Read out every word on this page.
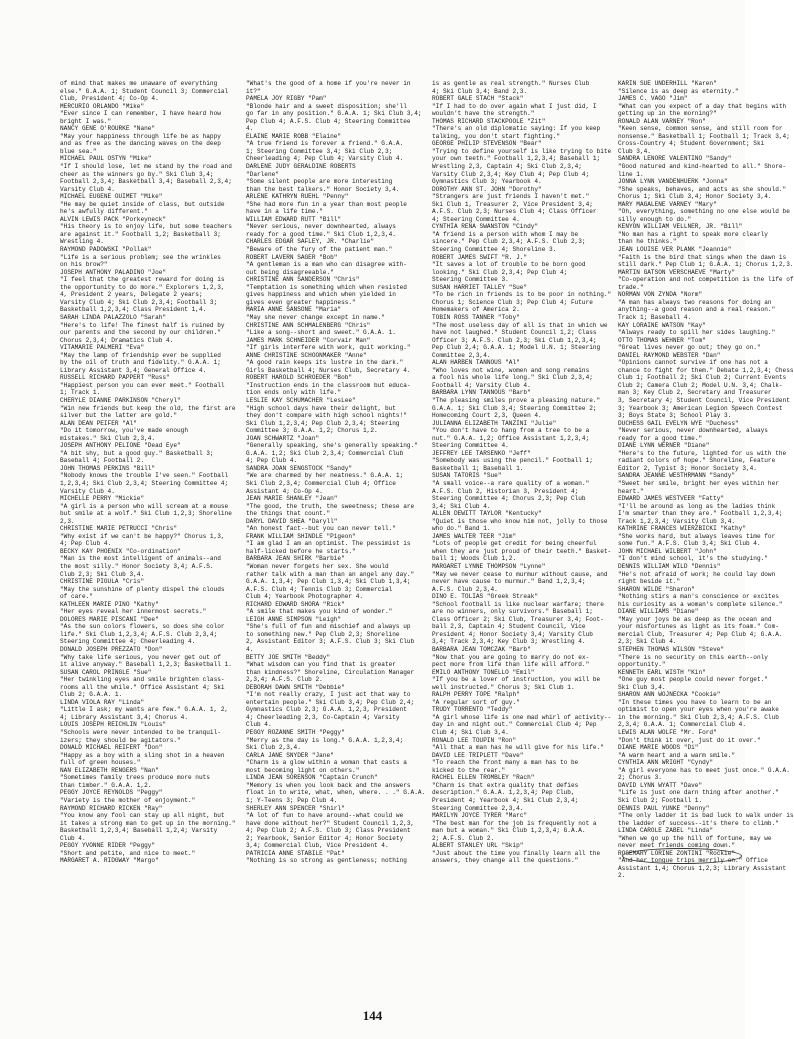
of mind that makes me unaware of everything
else." G.A.A. 1; Student Council 3; Commercial
Club, President 4; Co-Op 4.
MERCURIO ORLANDO "Mike"
"Ever since I can remember, I have heard how
bright I was."
NANCY GENE O'ROURKE "Nane"
"May your happiness through life be as happy
and as free as the dancing waves on the deep
blue sea."
MICHAEL PAUL OSTYN "Mike"
"If I should lose, let me stand by the road and
cheer as the winners go by." Ski Club 3,4;
Football 2,3,4; Basketball 3,4; Baseball 2,3,4;
Varsity Club 4.
MICHAEL EUGENE OUIMET "Mike"
"He may be quiet inside of class, but outside
he's awfully different."
ALVIN LEWIS PACK "Porkeyneck"
"His theory is to enjoy life, but some teachers
are against it." Football 1,2; Basketball 3;
Wrestling 4.
RAYMOND PADOWSKI "Pollak"
"Life is a serious problem; see the wrinkles
on his brow?"
JOSEPH ANTHONY PALADINO "Joe"
"I feel that the greatest reward for doing is
the opportunity to do more." Explorers 1,2,3,
4, President 2 years, Delegate 2 years;
Varsity Club 4; Ski Club 2,3,4; Football 3;
Basketball 1,2,3,4; Class President 1,4.
SARAH LINDA PALAZZOLO "Sarah"
"Here's to life! The finest half is ruined by
our parents and the second by our children."
Chorus 2,3,4; Dramatics Club 4.
VITAMARIE PALMERI "Eva"
"May the lamp of friendship ever be supplied
by the oil of truth and fidelity." G.A.A. 1;
Library Assistant 3,4; General Office 4.
RUSSELL RICHARD PAPPERT "Russ"
"Happiest person you can ever meet." Football
1; Track 1.
CHERYLE DIANNE PARKINSON "Cheryl"
"Win new friends but keep the old, the first are
silver but the latter are gold."
ALAN DEAN PEIFER "Al"
"Do it tomorrow, you've made enough
mistakes." Ski Club 2,3,4.
JOSEPH ANTHONY PELIONE "Dead Eye"
"A bit shy, but a good guy." Basketball 3;
Baseball 4; Football 2.
JOHN THOMAS PERKINS "Bill"
"Nobody knows the trouble I've seen." Football
1,2,3,4; Ski Club 2,3,4; Steering Committee 4;
Varsity Club 4.
MICHELLE PERRY "Mickie"
"A girl is a person who will scream at a mouse
but smile at a wolf." Ski Club 1,2,3; Shoreline
2,3.
CHRISTINE MARIE PETRUCCI "Chris"
"Why exist if we can't be happy?" Chorus 1,3,
4; Pep Club 4.
BECKY KAY PHOENIX "Co-ordination"
"Man is the most intelligent of animals--and
the most silly." Honor Society 3,4; A.F.S.
Club 2,3; Ski Club 3,4.
CHRISTINE PIGULA "Cris"
"May the sunshine of plenty dispel the clouds
of care."
KATHLEEN MARIE PINO "Kathy"
"Her eyes reveal her innermost secrets."
DOLORES MARIE PISCANI "Dee"
"As the sun colors flowers, so does she color
life." Ski Club 1,2,3,4; A.F.S. Club 2,3,4;
Steering Committee 4; Cheerleading 4.
DONALD JOSEPH PREZZATO "Don"
"Why take life serious, you never get out of
it alive anyway." Baseball 1,2,3; Basketball 1.
SUSAN CAROL PRINGLE "Sue"
"Her twinkling eyes and smile brighten class-
rooms all the while." Office Assistant 4; Ski
Club 2; G.A.A. 1.
LINDA VIOLA RAY "Linda"
"Little I ask; my wants are few." G.A.A. 1, 2,
4; Library Assistant 3,4; Chorus 4.
LOUIS JOSEPH REICHLIN "Louis"
"Schools were never intended to be tranquil-
izers; they should be agitators."
DONALD MICHAEL REIFERT "Don"
"Happy as a boy with a sling shot in a heaven
full of green houses."
NAN ELIZABETH RENGERS "Nan"
"Sometimes family trees produce more nuts
than timber." G.A.A. 1,2.
PEGGY JOYCE REYNOLDS "Peggy"
"Variety is the mother of enjoyment."
RAYMOND RICHARD RICKEN "Ray"
"You know any fool can stay up all night, but
it takes a strong man to get up in the morning."
Basketball 1,2,3,4; Baseball 1,2,4; Varsity
Club 4.
PEGGY YVONNE RIDER "Peggy"
"Short and petite, and nice to meet."
MARGARET A. RIDGWAY "Margo"
"What's the good of a home if you're never in
it?"
PAMELA JOY RIGBY "Pam"
"Blonde hair and a sweet disposition; she'll
go far in any position." G.A.A. 1; Ski Club 3,4;
Pep Club 4; A.F.S. Club 4; Steering Committee
4.
ELAINE MARIE ROBB "Elaine"
"A true friend is forever a friend." G.A.A.
1; Steering Committee 3,4; Ski Club 2,3;
Cheerleading 4; Pep Club 4; Varsity Club 4.
DARLENE JUDY GERALDINE ROBERTS
"Darlene"
"Some silent people are more interesting
than the best talkers." Honor Society 3,4.
ARLENE KATHRYN RUEHL "Penny"
"She had more fun in a year than most people
have in a life time."
WILLIAM EDWARD RUTT "Bill"
"Never serious, never downhearted, always
ready for a good time." Ski Club 1,2,3,4.
CHARLES EDGAR SAFLEY, JR. "Charlie"
"Beware of the fury of the patient man."
ROBERT LAVERN SAGER "Bob"
"A gentleman is a man who can disagree with-
out being disagreeable."
CHRISTINE ANN SANDERSON "Chris"
"Temptation is something which when resisted
gives happiness and which when yielded in
gives even greater happiness."
MARIA ANNE SANSONE "Maria"
"May she never change except in name."
CHRISTINE ANN SCHMALENBERG "Chris"
"Like a song--short and sweet." G.A.A. 1.
JAMES MARK SCHNEIDER "Corvair Man"
"If girls interfere with work, quit working."
ANNE CHRISTINE SCHOONMAKER "Anne"
"A good rain keeps its lustre in the dark."
Girls Basketball 4; Nurses Club, Secretary 4.
ROBERT HAROLD SCHROEDER "Bob"
"Instruction ends in the classroom but educa-
tion ends only with life."
LESLIE KAY SCHUMACHER "LesLee"
"High school days have their delight, but
they don't compare with high school nights!"
Ski Club 1,2,3,4; Pep Club 2,3,4; Steering
Committee 3; G.A.A. 1,2; Chorus 1,2.
JOAN SCHWARTZ "Joan"
"Generally speaking, she's generally speaking."
G.A.A. 1,2; Ski Club 2,3,4; Commercial Club
4; Pep Club 4.
SANDRA JOAN SENGSTOCK "Sandy"
"We are charmed by her neatness." G.A.A. 1;
Ski Club 2,3,4; Commercial Club 4; Office
Assistant 4; Co-Op 4.
JEAN MARIE SHANLEY "Jean"
"The good, the truth, the sweetness; these are
the things that count."
DARYL DAVID SHEA "Daryll"
"An honest fact--but you can never tell."
FRANK WILLIAM SHINDLE "Pigeon"
"I am glad I am an optimist. The pessimist is
half-licked before he starts."
BARBARA JEAN SHIRK "Barbie"
"Woman never forgets her sex. She would
rather talk with a man than an angel any day."
G.A.A. 1,3,4; Pep Club 1,3,4; Ski Club 1,3,4;
A.F.S. Club 4; Tennis Club 3; Commercial
Club 4; Yearbook Photographer 4.
RICHARD EDWARD SHORA "Rick"
"A smile that makes you kind of wonder."
LEIGH ANNE SIMPSON "Leigh"
"She's full of fun and mischief and always up
to something new." Pep Club 2,3; Shoreline
2, Assistant Editor 3; A.F.S. Club 3; Ski Club
4.
BETTY JOE SMITH "Beddy"
"What wisdom can you find that is greater
than kindness?" Shoreline, Circulation Manager
2,3,4; A.F.S. Club 2.
DEBORAH DAWN SMITH "Debbie"
"I'm not really crazy, I just act that way to
entertain people." Ski Club 3,4; Pep Club 2,4;
Gymnastics Club 2,3; G.A.A. 1,2,3, President
4; Cheerleading 2,3, Co-Captain 4; Varsity
Club 4.
PEGGY ROZANNE SMITH "Peggy"
"Merry as the day is long." G.A.A. 1,2,3,4;
Ski Club 2,3,4.
CARLA JANE SNYDER "Jane"
"Charm is a glow within a woman that casts a
most becoming light on others."
LINDA JEAN SORENSON "Captain Crunch"
"Memory is when you look back and the answers
float in to write, what, when, where. . ." G.A.A.
1; Y-Teens 3; Pep Club 4.
SHERLEY ANN SPENCER "Shirl"
"A lot of fun to have around--what could we
have done without her?" Student Council 1,2,3,
4; Pep Club 2; A.F.S. Club 3; Class President
2; Yearbook, Senior Editor 4; Honor Society
3,4; Commercial Club, Vice President 4.
PATRICIA ANNE STABILE "Pat"
"Nothing is so strong as gentleness; nothing
is as gentle as real strength." Nurses Club
4; Ski Club 3,4; Band 2,3.
ROBERT GALE STACH "Stack"
"If I had to do over again what I just did, I
wouldn't have the strength."
THOMAS RICHARD STACKPOOLE "Zit"
"There's an old diplomatic saying: If you keep
talking, you don't start fighting."
GEORGE PHILIP STEVENSON "Bear"
"Trying to define yourself is like trying to bite
your own teeth." Football 1,2,3,4; Baseball 1;
Wrestling 2,3, Captain 4; Ski Club 2,3,4;
Varsity Club 2,3,4; Key Club 4; Pep Club 4;
Gymnastics Club 3; Yearbook 4.
DOROTHY ANN ST. JOHN "Dorothy"
"Strangers are just friends I haven't met."
Ski Club 1, Treasurer 2, Vice President 3,4;
A.F.S. Club 2,3; Nurses Club 4; Class Officer
4; Steering Committee 4.
CYNTHIA RENA SWANSTON "Cindy"
"A friend is a person with whom I may be
sincere." Pep Club 2,3,4; A.F.S. Club 2,3;
Steering Committee 4; Shoreline 3.
ROBERT JAMES SWIFT "R. J."
"It saves a lot of trouble to be born good
looking." Ski Club 2,3,4; Pep Club 4;
Steering Committee 3.
SUSAN HARRIET TALLEY "Sue"
"To be rich in friends is to be poor in nothing."
Chorus 1; Science Club 3; Pep Club 4; Future
Homemakers of America 2.
TOBIN ROSS TANNER "Toby"
"The most useless day of all is that in which we
have not laughed." Student Council 1,2; Class
Officer 3; A.F.S. Club 2,3; Ski Club 1,2,3,4;
Pep Club 2,4; G.A.A. 1; Model U.N. 1; Steering
Committee 2,3,4.
ALAN HARBEN TANNOUS "Al"
"Who loves not wine, women and song remains
a fool his whole life long." Ski Club 2,3,4;
Football 4; Varsity Club 4.
BARBARA LYNN TANNOUS "Barb"
"The pleasing smiles prove a pleasing nature."
G.A.A. 1; Ski Club 3,4; Steering Committee 2;
Homecoming Court 2,3, Queen 4.
JULIANNA ELIZABETH TANZINI "Julie"
"You don't have to hang from a tree to be a
nut." G.A.A. 1,2; Office Assistant 1,2,3,4;
Steering Committee 4.
JEFFREY LEE TARSENKO "Jeff"
"Somebody was using the pencil." Football 1;
Basketball 1; Baseball 1.
SUSAN TATORIS "Sue"
"A small voice--a rare quality of a woman."
A.F.S. Club 2, Historian 3, President 4;
Steering Committee 4; Chorus 2,3; Pep Club
3,4; Ski Club 4.
ALLEN DEWITT TAYLOR "Kentucky"
"Quiet is those who know him not, jolly to those
who do." Band 1.
JAMES WALTER TEER "Jim"
"Lots of people get credit for being cheerful
when they are just proud of their teeth." Basket-
ball 1; Woods Club 1,2.
MARGARET LYNNE THOMPSON "Lynne"
"May we never cease to murmur without cause, and
never have cause to murmur." Band 1,2,3,4;
A.F.S. Club 2,3,4.
DINO E. TOLIAS "Greek Streak"
"School football is like nuclear warfare; there
are no winners, only survivors." Baseball 1;
Class Officer 2; Ski Club, Treasurer 3,4; Foot-
ball 2,3, Captain 4; Student Council, Vice
President 4; Honor Society 3,4; Varsity Club
3,4; Track 2,3,4; Key Club 3; Wrestling 4.
BARBARA JEAN TOMCZAK "Barb"
"Now that you are going to marry do not ex-
pect more from life than life will afford."
EMILO ANTHONY TONELLO "Emil"
"If you be a lover of instruction, you will be
well instructed." Chorus 3; Ski Club 1.
RALPH PERRY TOPE "Ralph"
"A regular sort of guy."
TRUDY TORRENTO "Teddy"
"A girl whose life is one mad whirl of activity--
day in and night out." Commercial Club 4; Pep
Club 4; Ski Club 3,4.
RONALD LEE TOUPIN "Ron"
"All that a man has he will give for his life."
DAVID LEE TRIPLETT "Dave"
"To reach the front many a man has to be
kicked to the rear."
RACHEL ELLEN TROMBLEY "Rach"
"Charm is that extra quality that defies
description." G.A.A. 1,2,3,4; Pep Club,
President 4; Yearbook 4; Ski Club 2,3,4;
Steering Committee 2,3,4.
MARILYN JOYCE TYRER "Marc"
"The best man for the job is frequently not a
man but a woman." Ski Club 1,2,3,4; G.A.A.
2; A.F.S. Club 2.
ALBERT STANLEY URL "Skip"
"Just about the time you finally learn all the
answers, they change all the questions."
KARIN SUE UNDERHILL "Karen"
"Silence is as deep as eternity."
JAMES C. VAGO "Jim"
"What can you expect of a day that begins with
getting up in the morning?"
RONALD ALAN VARNEY "Ron"
"Keen sense, common sense, and still room for
nonsense." Basketball 1; Football 1; Track 3,4;
Cross-Country 4; Student Government; Ski
Club 3,4.
SANDRA LENORE VALENTINO "Sandy"
"Good natured and kind-hearted to all." Shore-
line 1.
JONNA LYNN VANDENHUERK "Jonna"
"She speaks, behaves, and acts as she should."
Chorus 1; Ski Club 3,4; Honor Society 3,4.
MARY MAGALENE VARNEY "Mary"
"Oh, everything, something no one else would be
silly enough to do."
KENYON WILLIAM VELLNER, JR. "Bill"
"No man has a right to speak more clearly
than he thinks."
JEAN LOUISE VER PLANK "Jeannie"
"Faith is the bird that sings when the dawn is
still dark." Pep Club 1; G.A.A. 1; Chorus 1,2,3.
MARTIN GATSON VERSCHAEVE "Marty"
"Co-operation and not competition is the life of
trade."
NORMAN VON ZYNDA "Norm"
"A man has always two reasons for doing an
anything--a good reason and a real reason."
Track 1; Baseball 4.
KAY LORAINE WATSON "Kay"
"Always ready to spill her sides laughing."
OTTO THOMAS WEHNER "Tom"
"Great lives never go out; they go on."
DANIEL RAYMOND WEBSTER "Dan"
"Opinions cannot survive if one has not a
chance to fight for them." Debate 1,2,3,4; Chess
Club 1; Football 2; Ski Club 2; Current Events
Club 2; Camera Club 2; Model U.N. 3,4; Chalk-
man 3; Key Club 2, Secretary and Treasurer
3, Secretary 4; Student Council, Vice President
3; Yearbook 3; American Legion Speech Contest
3; Boys State 3; School Play 3.
DUCHESS GAIL EVELYN WYE "Duchess"
"Never serious, never downhearted, always
ready for a good time."
DIANE LYNN WERNER "Diane"
"Here's to the future, lighted for us with the
radiant colors of hope." Shoreline, Feature
Editor 2, Typist 3; Honor Society 3,4.
SANDRA JEANNE WESTHRMANN "Sandy"
"Sweet her smile, bright her eyes within her
heart."
EDWARD JAMES WESTVEER "Fatty"
"I'll be around as long as the ladies think
I'm smarter than they are." Football 1,2,3,4;
Track 1,2,3,4; Varsity Club 3,4.
KATHRINE FRANCES WIERZBICKI "Kathy"
"She works hard, but always leaves time for
some fun." A.F.S. Club 3,4; Ski Club 4.
JOHN MICHAEL WILBERT "John"
"I don't mind school, it's the studying."
DENNIS WILLIAM WILD "Dennis"
"He's not afraid of work; he could lay down
right beside it."
SHARON WILDE "Sharon"
"Nothing stirs a man's conscience or excites
his curiosity as a woman's complete silence."
DIANE WILLIAMS "Diane"
"May your joys be as deep as the ocean and
your misfortunes as light as its foam." Com-
mercial Club, Treasurer 4; Pep Club 4; G.A.A.
2,3; Ski Club 4.
STEPHEN THOMAS WILSON "Steve"
"There is no security on this earth--only
opportunity."
KENNETH EARL WISTH "Kin"
"One guy most people could never forget."
Ski Club 3,4.
SHARON ANN WOJNECKA "Cookie"
"In these times you have to learn to be an
optimist to open your eyes when you're awake
in the morning." Ski Club 2,3,4; A.F.S. Club
2,3,4; G.A.A. 1; Commercial Club 4.
LEWIS ALAN WOLFE "Mr. Ford"
"Don't think it over, just do it over."
DIANE MARIE WOODS "Di"
"A warm heart and a warm smile."
CYNTHIA ANN WRIGHT "Cyndy"
"A girl everyone has to meet just once." G.A.A.
2; Chorus 3.
DAVID LYNN WYATT "Dave"
"Life is just one darn thing after another."
Ski Club 2; Football 1.
DENNIS PAUL YUNKE "Denny"
"The only ladder it is bad luck to walk under is
the ladder of success--it's there to climb."
LINDA CAROLE ZABEL "Linda"
"When we go up the hill of fortune, may we
never meet friends coming down."
ROSEMARY LORINE ZONTINI "Rockie"
"And her tongue trips merrily on." Office
Assistant 1,4; Chorus 1,2,3; Library Assistant
2.
144
